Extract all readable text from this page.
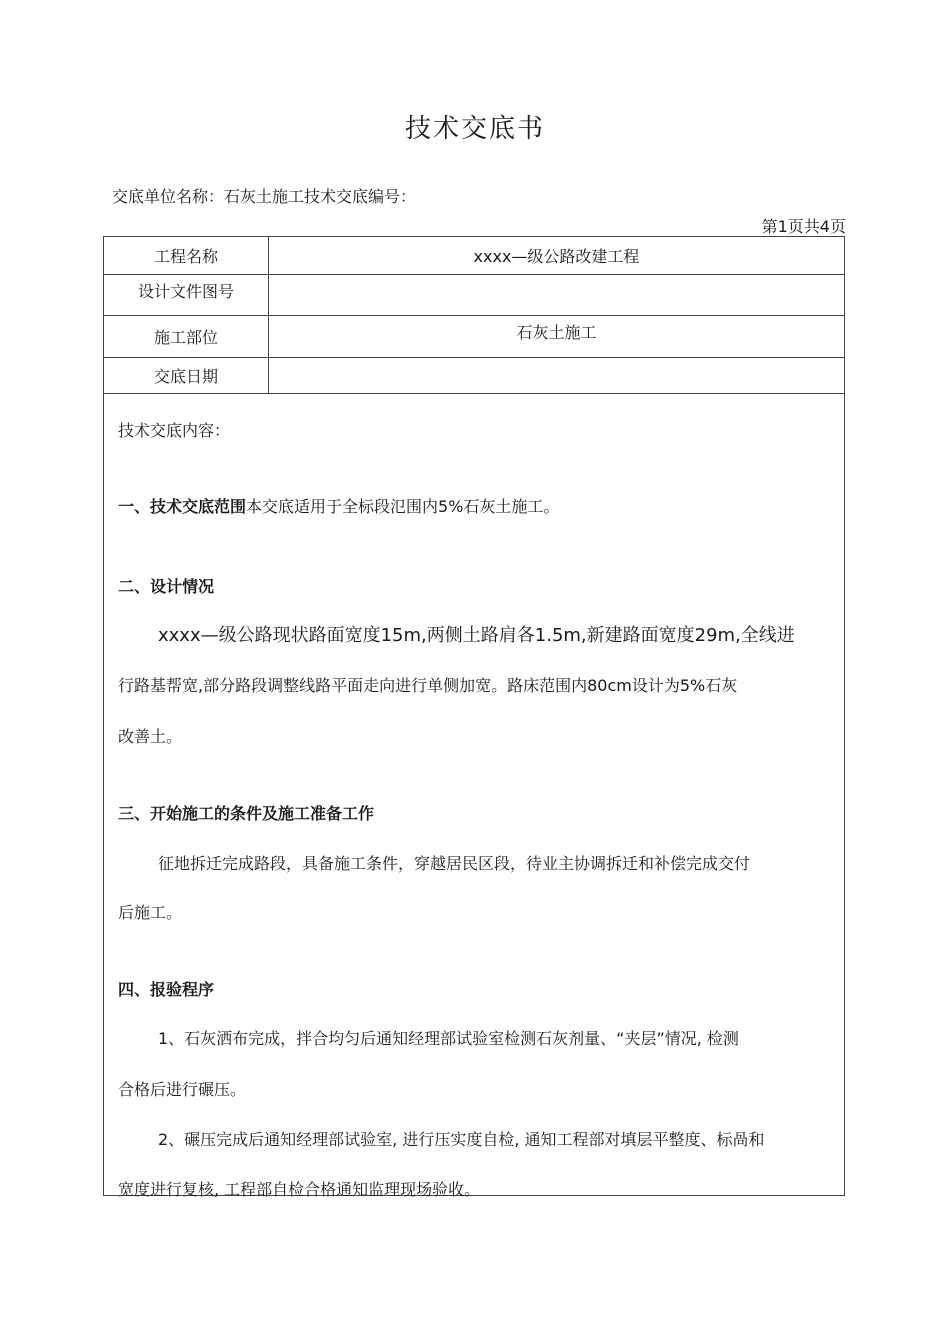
技术交底书
交底单位名称：石灰土施工技术交底编号：
第1页共4页
工程名称	xxxx—级公路改建工程
设计文件图号	
施工部位	石灰土施工
交底日期	
技术交底内容：
一、技术交底范围本交底适用于全标段氾围内5%石灰土施工。
二、设计情况
xxxx—级公路现状路面宽度15m,两侧土路肩各1.5m,新建路面宽度29m,全线进
行路基帮宽,部分路段调整线路平面走向进行单侧加宽。路床范围内80cm设计为5%石灰
改善土。
三、开始施工的条件及施工准备工作
征地拆迁完成路段，具备施工条件，穿越居民区段，待业主协调拆迁和补偿完成交付
后施工。
四、报验程序
1、石灰洒布完成，拌合均匀后通知经理部试验室检测石灰剂量、“夹层”情况, 检测
合格后进行碾压。
2、碾压完成后通知经理部试验室, 进行压实度自检, 通知工程部对填层平整度、标咼和
宽度进行复核, 工程部自检合格通知监理现场验收。
